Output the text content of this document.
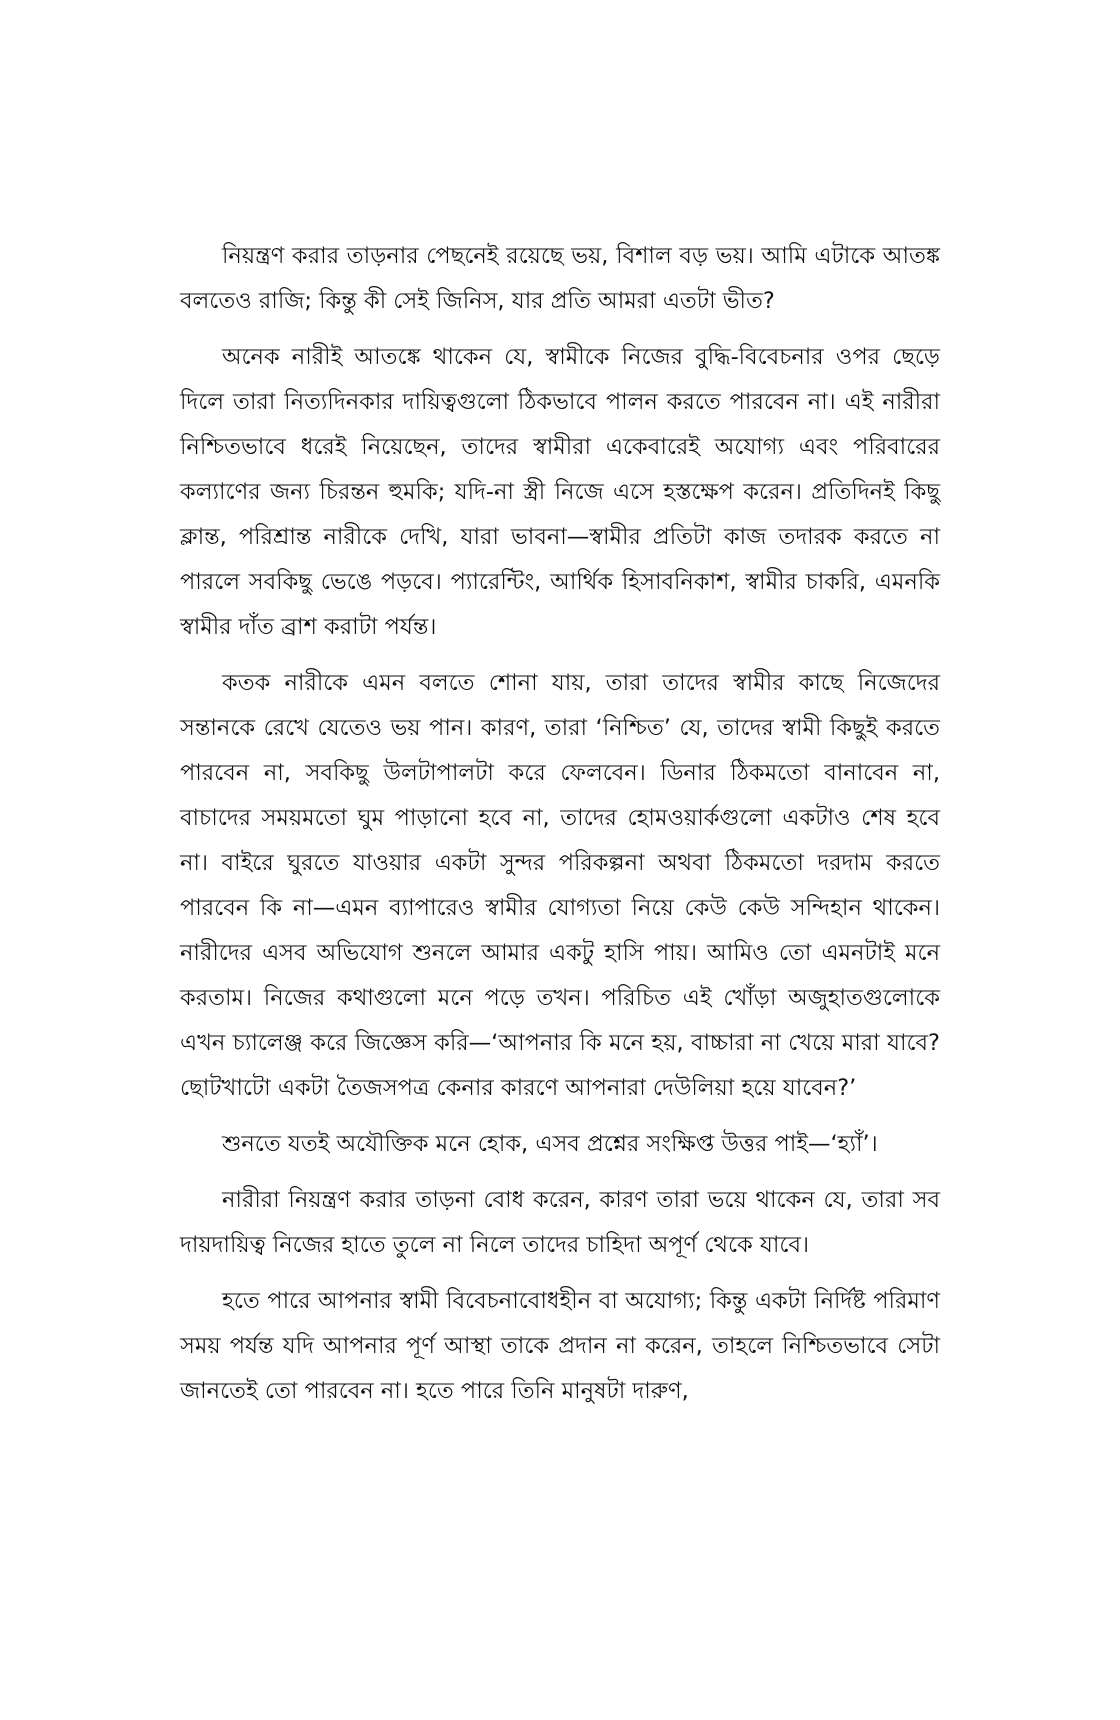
নিয়ন্ত্রণ করার তাড়নার পেছনেই রয়েছে ভয়, বিশাল বড় ভয়। আমি এটাকে আতঙ্ক বলতেও রাজি; কিন্তু কী সেই জিনিস, যার প্রতি আমরা এতটা ভীত?

অনেক নারীই আতঙ্কে থাকেন যে, স্বামীকে নিজের বুদ্ধি-বিবেচনার ওপর ছেড়ে দিলে তারা নিত্যদিনকার দায়িত্বগুলো ঠিকভাবে পালন করতে পারবেন না। এই নারীরা নিশ্চিতভাবে ধরেই নিয়েছেন, তাদের স্বামীরা একেবারেই অযোগ্য এবং পরিবারের কল্যাণের জন্য চিরন্তন হুমকি; যদি-না স্ত্রী নিজে এসে হস্তক্ষেপ করেন। প্রতিদিনই কিছু ক্লান্ত, পরিশ্রান্ত নারীকে দেখি, যারা ভাবনা—স্বামীর প্রতিটা কাজ তদারক করতে না পারলে সবকিছু ভেঙে পড়বে। প্যারেন্টিং, আর্থিক হিসাবনিকাশ, স্বামীর চাকরি, এমনকি স্বামীর দাঁত ব্রাশ করাটা পর্যন্ত।

কতক নারীকে এমন বলতে শোনা যায়, তারা তাদের স্বামীর কাছে নিজেদের সন্তানকে রেখে যেতেও ভয় পান। কারণ, তারা ‘নিশ্চিত’ যে, তাদের স্বামী কিছুই করতে পারবেন না, সবকিছু উলটাপালটা করে ফেলবেন। ডিনার ঠিকমতো বানাবেন না, বাচাদের সময়মতো ঘুম পাড়ানো হবে না, তাদের হোমওয়ার্কগুলো একটাও শেষ হবে না। বাইরে ঘুরতে যাওয়ার একটা সুন্দর পরিকল্পনা অথবা ঠিকমতো দরদাম করতে পারবেন কি না—এমন ব্যাপারেও স্বামীর যোগ্যতা নিয়ে কেউ কেউ সন্দিহান থাকেন। নারীদের এসব অভিযোগ শুনলে আমার একটু হাসি পায়। আমিও তো এমনটাই মনে করতাম। নিজের কথাগুলো মনে পড়ে তখন। পরিচিত এই খোঁড়া অজুহাতগুলোকে এখন চ্যালেঞ্জ করে জিজ্ঞেস করি—‘আপনার কি মনে হয়, বাচ্চারা না খেয়ে মারা যাবে? ছোটখাটো একটা তৈজসপত্র কেনার কারণে আপনারা দেউলিয়া হয়ে যাবেন?’

শুনতে যতই অযৌক্তিক মনে হোক, এসব প্রশ্নের সংক্ষিপ্ত উত্তর পাই—‘হ্যাঁ’।

নারীরা নিয়ন্ত্রণ করার তাড়না বোধ করেন, কারণ তারা ভয়ে থাকেন যে, তারা সব দায়দায়িত্ব নিজের হাতে তুলে না নিলে তাদের চাহিদা অপূর্ণ থেকে যাবে।

হতে পারে আপনার স্বামী বিবেচনাবোধহীন বা অযোগ্য; কিন্তু একটা নির্দিষ্ট পরিমাণ সময় পর্যন্ত যদি আপনার পূর্ণ আস্থা তাকে প্রদান না করেন, তাহলে নিশ্চিতভাবে সেটা জানতেই তো পারবেন না। হতে পারে তিনি মানুষটা দারুণ,
